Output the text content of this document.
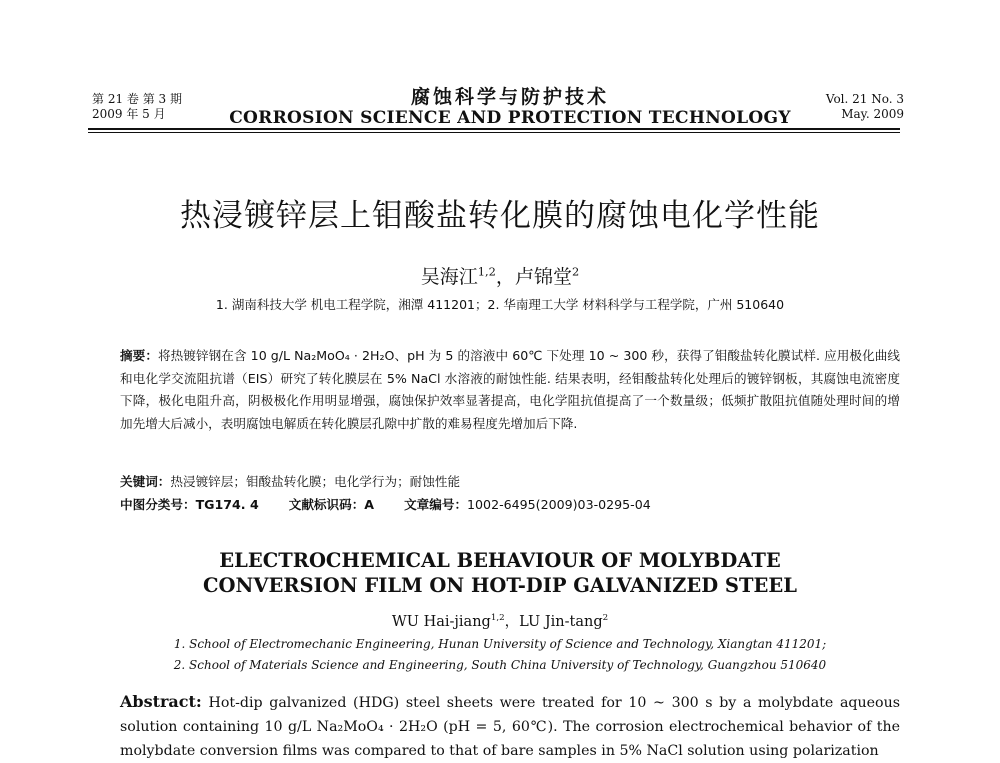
第 21 卷 第 3 期
2009 年 5 月
腐蚀科学与防护技术
CORROSION SCIENCE AND PROTECTION TECHNOLOGY
Vol. 21 No. 3
May. 2009
热浸镀锌层上钼酸盐转化膜的腐蚀电化学性能
吴海江$^{1,2}$，卢锦堂$^2$
1. 湖南科技大学 机电工程学院，湘潭 411201；2. 华南理工大学 材料科学与工程学院，广州 510640
摘要：将热镀锌钢在含 10 g/L Na₂MoO₄ · 2H₂O、pH 为 5 的溶液中 60℃ 下处理 10 ~ 300 秒，获得了钼酸盐转化膜试样. 应用极化曲线和电化学交流阻抗谱（EIS）研究了转化膜层在 5% NaCl 水溶液的耐蚀性能. 结果表明，经钼酸盐转化处理后的镀锌钢板，其腐蚀电流密度下降，极化电阻升高，阴极极化作用明显增强，腐蚀保护效率显著提高，电化学阻抗值提高了一个数量级；低频扩散阻抗值随处理时间的增加先增大后减小，表明腐蚀电解质在转化膜层孔隙中扩散的难易程度先增加后下降.
关键词：热浸镀锌层；钼酸盐转化膜；电化学行为；耐蚀性能
中图分类号：TG174. 4 文献标识码：A 文章编号：1002-6495(2009)03-0295-04
ELECTROCHEMICAL BEHAVIOUR OF MOLYBDATE
CONVERSION FILM ON HOT-DIP GALVANIZED STEEL
WU Hai-jiang$^{1,2}$，LU Jin-tang$^2$
1. School of Electromechanic Engineering, Hunan University of Science and Technology, Xiangtan 411201;
2. School of Materials Science and Engineering, South China University of Technology, Guangzhou 510640
Abstract: Hot-dip galvanized (HDG) steel sheets were treated for 10 ~ 300 s by a molybdate aqueous solution containing 10 g/L Na₂MoO₄ · 2H₂O (pH = 5, 60℃). The corrosion electrochemical behavior of the molybdate conversion films was compared to that of bare samples in 5% NaCl solution using polarization
